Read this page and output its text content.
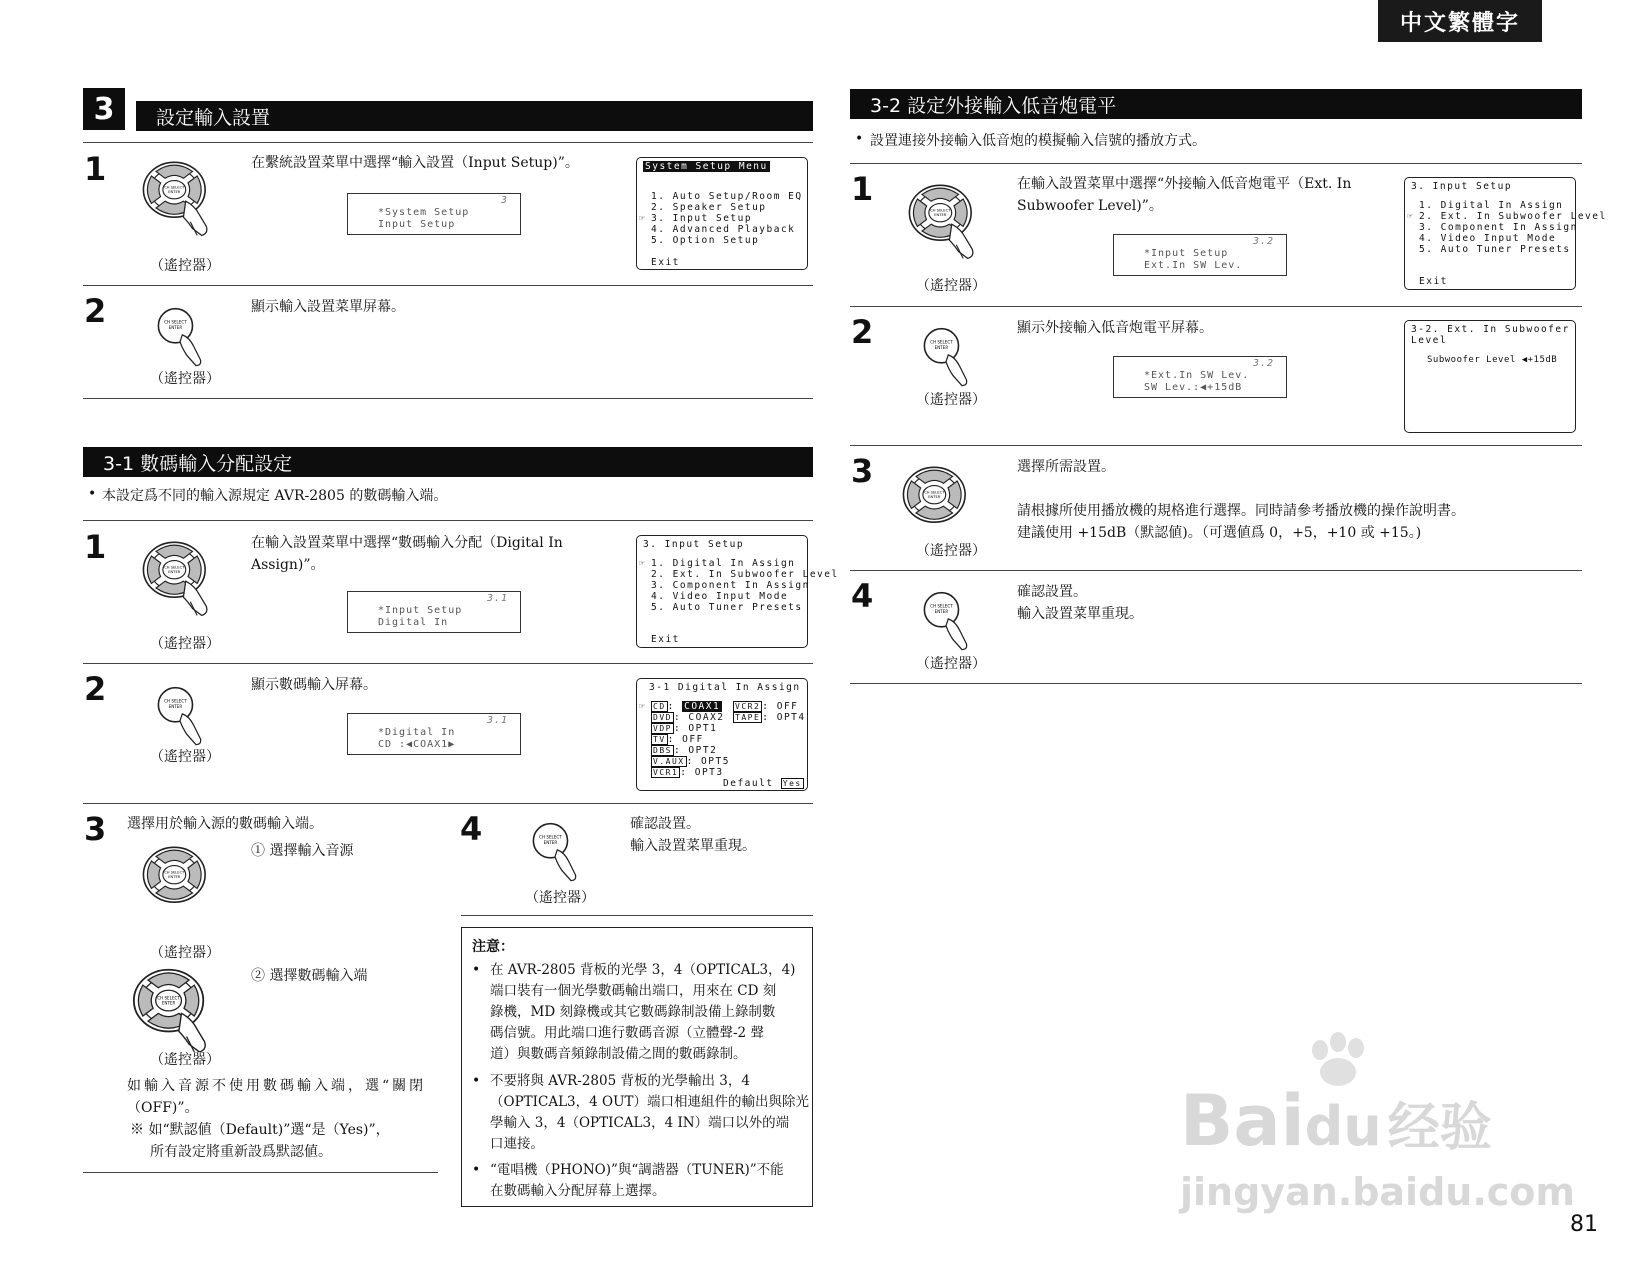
中文繁體字
3	設定輸入設置
1
（遙控器）
在繫統設置菜單中選擇“輸入設置（Input Setup)”。
3
*System Setup
Input Setup
System Setup Menu
1. Auto Setup/Room EQ
2. Speaker Setup
☞ 3. Input Setup
4. Advanced Playback
5. Option Setup
Exit
2
（遙控器）
顯示輸入設置菜單屏幕。
3-1 數碼輸入分配設定
• 本設定爲不同的輸入源規定 AVR-2805 的數碼輸入端。
1
（遙控器）
在輸入設置菜單中選擇“數碼輸入分配（Digital In
Assign)”。
3.1
*Input Setup
Digital In
3. Input Setup
☞ 1. Digital In Assign
2. Ext. In Subwoofer Level
3. Component In Assign
4. Video Input Mode
5. Auto Tuner Presets
Exit
2
（遙控器）
顯示數碼輸入屏幕。
3.1
*Digital In
CD :◀COAX1▶
3-1 Digital In Assign
☞ CD : COAX1
DVD : COAX2
VDP : OPT1
TV : OFF
DBS : OPT2
V.AUX : OPT5
VCR1 : OPT3
VCR2 : OFF
TAPE : OPT4
Default Yes
3 選擇用於輸入源的數碼輸入端。
① 選擇輸入音源
（遙控器）
② 選擇數碼輸入端
（遙控器）
如輸入音源不使用數碼輸入端，選“關閉
（OFF)”。
※ 如“默認値（Default)”選“是（Yes)”，
所有設定將重新設爲默認値。
4
（遙控器）
確認設置。
輸入設置菜單重現。
注意：
• 在 AVR-2805 背板的光學 3，4（OPTICAL3，4)
端口裝有一個光學數碼輸出端口，用來在 CD 刻
錄機，MD 刻錄機或其它數碼錄制設備上錄制數
碼信號。用此端口進行數碼音源（立體聲-2 聲
道）與數碼音頻錄制設備之間的數碼錄制。
• 不要將與 AVR-2805 背板的光學輸出 3，4
（OPTICAL3，4 OUT）端口相連組件的輸出與除光
學輸入 3，4（OPTICAL3，4 IN）端口以外的端
口連接。
• “電唱機（PHONO)”與“調諧器（TUNER)”不能
在數碼輸入分配屏幕上選擇。
3-2 設定外接輸入低音炮電平
• 設置連接外接輸入低音炮的模擬輸入信號的播放方式。
1
（遙控器）
在輸入設置菜單中選擇“外接輸入低音炮電平（Ext. In
Subwoofer Level)”。
3.2
*Input Setup
Ext.In SW Lev.
3. Input Setup
1. Digital In Assign
☞ 2. Ext. In Subwoofer Level
3. Component In Assign
4. Video Input Mode
5. Auto Tuner Presets
Exit
2
（遙控器）
顯示外接輸入低音炮電平屏幕。
3.2
*Ext.In SW Lev.
SW Lev.:◀+15dB
3-2. Ext. In Subwoofer Level
Subwoofer Level ◀+15dB
3
（遙控器）
選擇所需設置。
請根據所使用播放機的規格進行選擇。同時請參考播放機的操作說明書。
建議使用 +15dB（默認値)。（可選値爲 0，+5，+10 或 +15。)
4
（遙控器）
確認設置。
輸入設置菜單重現。
Baidu 经验
jingyan.baidu.com
81
